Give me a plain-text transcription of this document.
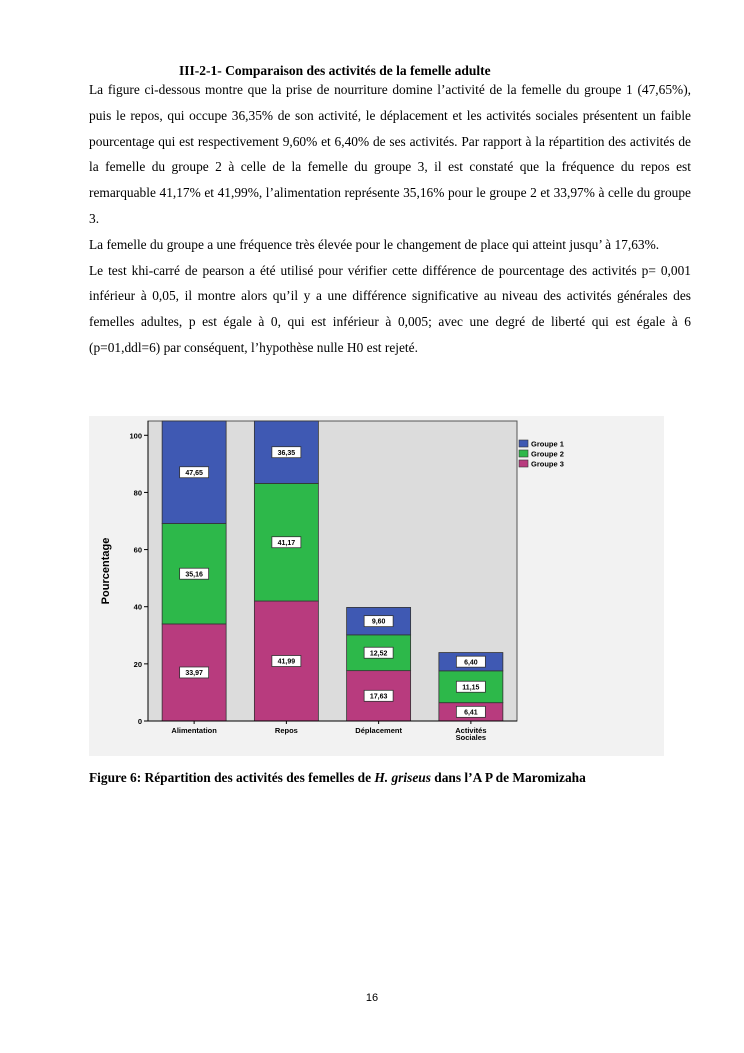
III-2-1- Comparaison des activités de la femelle adulte

La figure ci-dessous montre que la prise de nourriture domine l’activité de la femelle du groupe 1 (47,65%), puis le repos, qui occupe 36,35% de son activité, le déplacement et les activités sociales présentent un faible pourcentage qui est respectivement 9,60% et 6,40% de ses activités. Par rapport à la répartition des activités de la femelle du groupe 2 à celle de la femelle du groupe 3, il est constaté que la fréquence du repos est remarquable 41,17% et 41,99%, l’alimentation représente 35,16% pour le groupe 2 et 33,97% à celle du groupe 3.

La femelle du groupe a une fréquence très élevée pour le changement de place qui atteint jusqu’ à 17,63%.

Le test khi-carré de pearson a été utilisé pour vérifier cette différence de pourcentage des activités p= 0,001 inférieur à 0,05, il montre alors qu’il y a une différence significative au niveau des activités générales des femelles adultes, p est égale à 0, qui est inférieur à 0,005; avec une degré de liberté qui est égale à 6 (p=01,ddl=6) par conséquent, l’hypothèse nulle H0 est rejeté.

0
20
40
60
80
100
Pourcentage
33,97
35,16
47,65
Alimentation
41,99
41,17
36,35
Repos
17,63
12,52
9,60
Déplacement
6,41
11,15
6,40
Activités Sociales
Groupe 1
Groupe 2
Groupe 3

Figure 6: Répartition des activités des femelles de H. griseus dans l’A P de Maromizaha

16
